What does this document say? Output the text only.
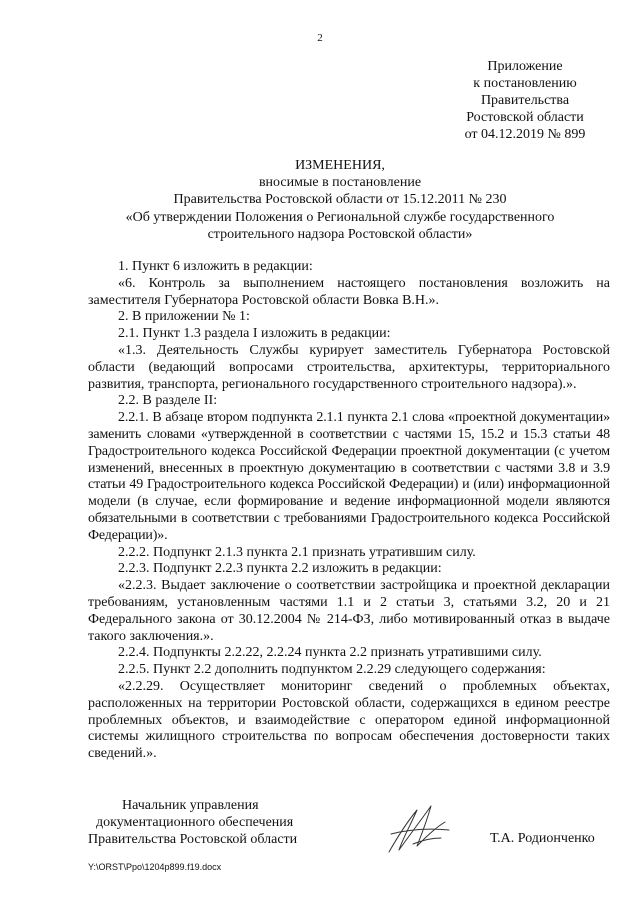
2
Приложение
к постановлению
Правительства
Ростовской области
от 04.12.2019 № 899
ИЗМЕНЕНИЯ,
вносимые в постановление
Правительства Ростовской области от 15.12.2011 № 230
«Об утверждении Положения о Региональной службе государственного
строительного надзора Ростовской области»

1. Пункт 6 изложить в редакции:

«6. Контроль за выполнением настоящего постановления возложить на заместителя Губернатора Ростовской области Вовка В.Н.».

2. В приложении № 1:

2.1. Пункт 1.3 раздела I изложить в редакции:

«1.3. Деятельность Службы курирует заместитель Губернатора Ростовской области (ведающий вопросами строительства, архитектуры, территориального развития, транспорта, регионального государственного строительного надзора).».

2.2. В разделе II:

2.2.1. В абзаце втором подпункта 2.1.1 пункта 2.1 слова «проектной документации» заменить словами «утвержденной в соответствии с частями 15, 15.2 и 15.3 статьи 48 Градостроительного кодекса Российской Федерации проектной документации (с учетом изменений, внесенных в проектную документацию в соответствии с частями 3.8 и 3.9 статьи 49 Градостроительного кодекса Российской Федерации) и (или) информационной модели (в случае, если формирование и ведение информационной модели являются обязательными в соответствии с требованиями Градостроительного кодекса Российской Федерации)».

2.2.2. Подпункт 2.1.3 пункта 2.1 признать утратившим силу.

2.2.3. Подпункт 2.2.3 пункта 2.2 изложить в редакции:

«2.2.3. Выдает заключение о соответствии застройщика и проектной декларации требованиям, установленным частями 1.1 и 2 статьи 3, статьями 3.2, 20 и 21 Федерального закона от 30.12.2004 № 214-ФЗ, либо мотивированный отказ в выдаче такого заключения.».

2.2.4. Подпункты 2.2.22, 2.2.24 пункта 2.2 признать утратившими силу.

2.2.5. Пункт 2.2 дополнить подпунктом 2.2.29 следующего содержания:

«2.2.29. Осуществляет мониторинг сведений о проблемных объектах, расположенных на территории Ростовской области, содержащихся в едином реестре проблемных объектов, и взаимодействие с оператором единой информационной системы жилищного строительства по вопросам обеспечения достоверности таких сведений.».

Начальник управления
документационного обеспечения
Правительства Ростовской области	Т.А. Родионченко
Y:\ORST\Ppo\1204p899.f19.docx
